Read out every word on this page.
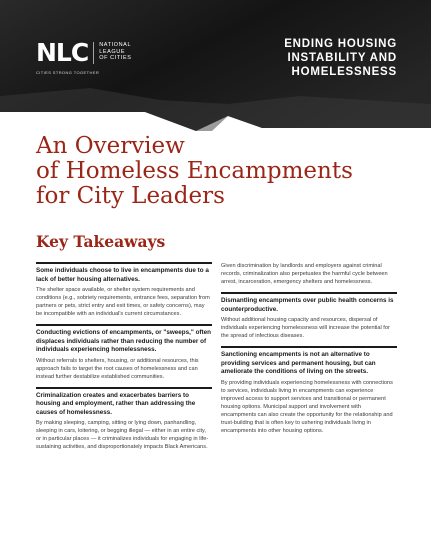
NLC NATIONAL
LEAGUE
OF CITIES
CITIES STRONG TOGETHER
ENDING HOUSING
INSTABILITY AND
HOMELESSNESS
An Overview
of Homeless Encampments
for City Leaders
Key Takeaways
Some individuals choose to live in encampments due to a lack of better housing alternatives.
The shelter space available, or shelter system requirements and conditions (e.g., sobriety requirements, entrance fees, separation from partners or pets, strict entry and exit times, or safety concerns), may be incompatible with an individual's current circumstances.
Conducting evictions of encampments, or "sweeps," often displaces individuals rather than reducing the number of individuals experiencing homelessness.
Without referrals to shelters, housing, or additional resources, this approach fails to target the root causes of homelessness and can instead further destabilize established communities.
Criminalization creates and exacerbates barriers to housing and employment, rather than addressing the causes of homelessness.
By making sleeping, camping, sitting or lying down, panhandling, sleeping in cars, loitering, or begging illegal — either in an entire city, or in particular places — it criminalizes individuals for engaging in life-sustaining activities, and disproportionately impacts Black Americans.
Given discrimination by landlords and employers against criminal records, criminalization also perpetuates the harmful cycle between arrest, incarceration, emergency shelters and homelessness.
Dismantling encampments over public health concerns is counterproductive.
Without additional housing capacity and resources, dispersal of individuals experiencing homelessness will increase the potential for the spread of infectious diseases.
Sanctioning encampments is not an alternative to providing services and permanent housing, but can ameliorate the conditions of living on the streets.
By providing individuals experiencing homelessness with connections to services, individuals living in encampments can experience improved access to support services and transitional or permanent housing options. Municipal support and involvement with encampments can also create the opportunity for the relationship and trust-building that is often key to ushering individuals living in encampments into other housing options.
